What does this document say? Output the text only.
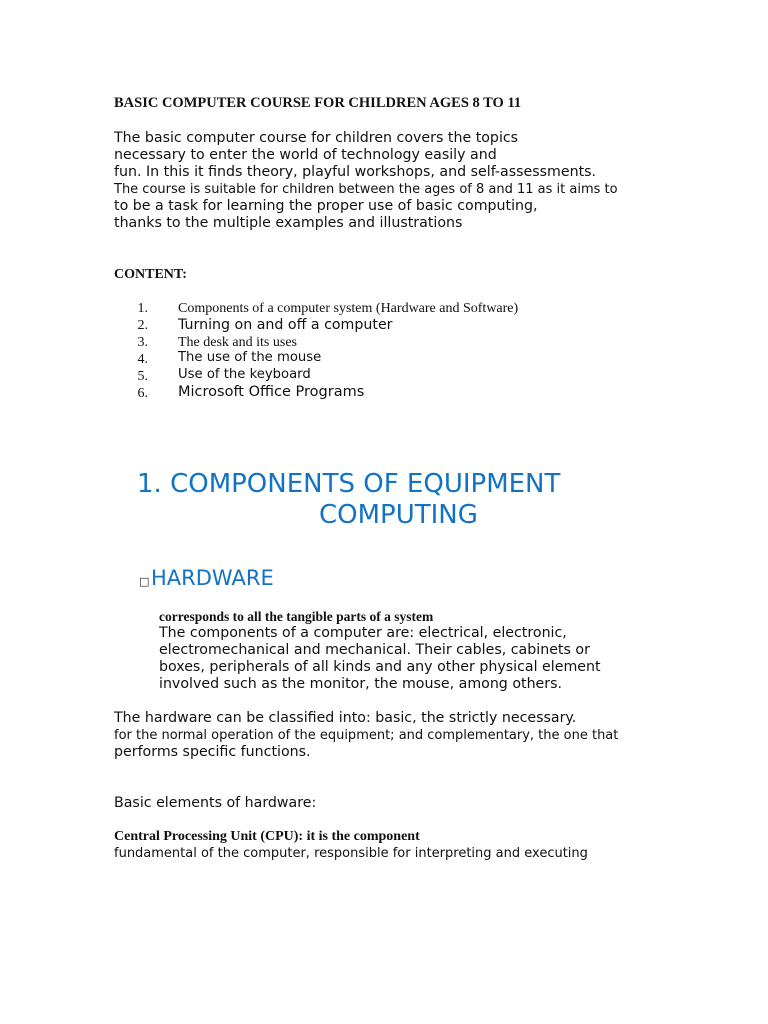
BASIC COMPUTER COURSE FOR CHILDREN AGES 8 TO 11
The basic computer course for children covers the topics
necessary to enter the world of technology easily and
fun. In this it finds theory, playful workshops, and self-assessments.
The course is suitable for children between the ages of 8 and 11 as it aims to
to be a task for learning the proper use of basic computing,
thanks to the multiple examples and illustrations
CONTENT:
1. Components of a computer system (Hardware and Software)
2. Turning on and off a computer
3. The desk and its uses
4. The use of the mouse
5. Use of the keyboard
6. Microsoft Office Programs
1. COMPONENTS OF EQUIPMENT
COMPUTING
□ HARDWARE
corresponds to all the tangible parts of a system
The components of a computer are: electrical, electronic,
electromechanical and mechanical. Their cables, cabinets or
boxes, peripherals of all kinds and any other physical element
involved such as the monitor, the mouse, among others.
The hardware can be classified into: basic, the strictly necessary.
for the normal operation of the equipment; and complementary, the one that
performs specific functions.
Basic elements of hardware:
Central Processing Unit (CPU): it is the component
fundamental of the computer, responsible for interpreting and executing
